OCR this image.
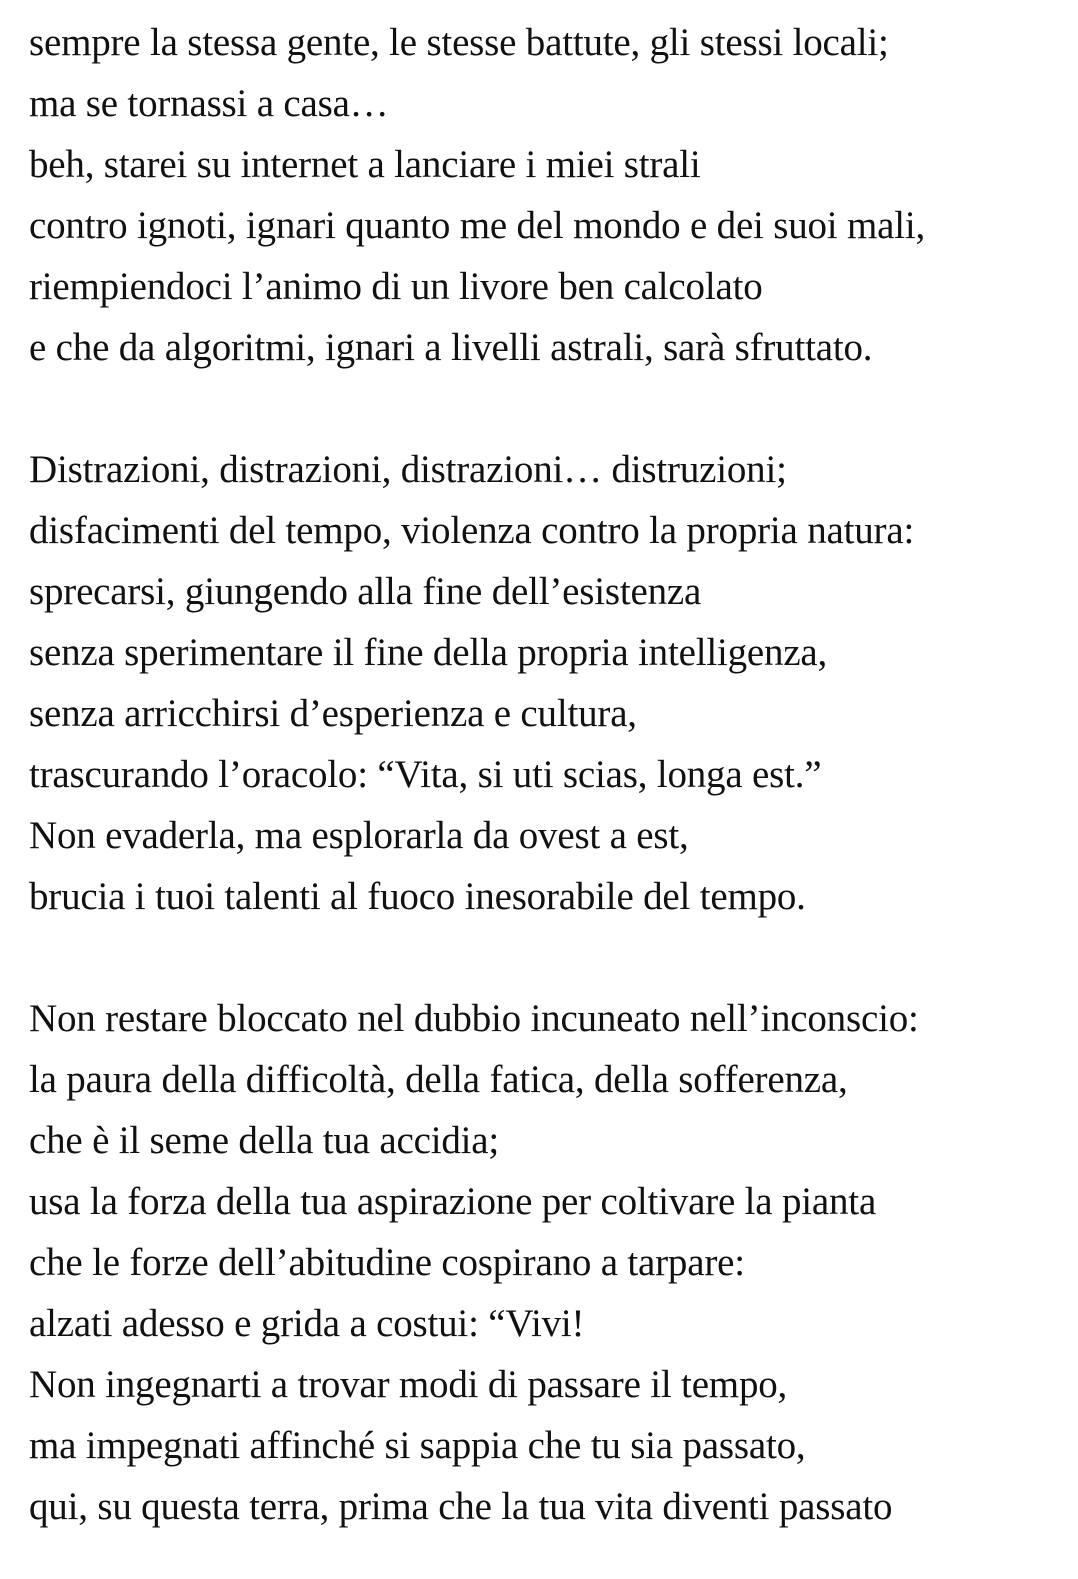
sempre la stessa gente, le stesse battute, gli stessi locali;
ma se tornassi a casa…
beh, starei su internet a lanciare i miei strali
contro ignoti, ignari quanto me del mondo e dei suoi mali,
riempiendoci l’animo di un livore ben calcolato
e che da algoritmi, ignari a livelli astrali, sarà sfruttato.
Distrazioni, distrazioni, distrazioni… distruzioni;
disfacimenti del tempo, violenza contro la propria natura:
sprecarsi, giungendo alla fine dell’esistenza
senza sperimentare il fine della propria intelligenza,
senza arricchirsi d’esperienza e cultura,
trascurando l’oracolo: “Vita, si uti scias, longa est.”
Non evaderla, ma esplorarla da ovest a est,
brucia i tuoi talenti al fuoco inesorabile del tempo.
Non restare bloccato nel dubbio incuneato nell’inconscio:
la paura della difficoltà, della fatica, della sofferenza,
che è il seme della tua accidia;
usa la forza della tua aspirazione per coltivare la pianta
che le forze dell’abitudine cospirano a tarpare:
alzati adesso e grida a costui: “Vivi!
Non ingegnarti a trovar modi di passare il tempo,
ma impegnati affinché si sappia che tu sia passato,
qui, su questa terra, prima che la tua vita diventi passato
